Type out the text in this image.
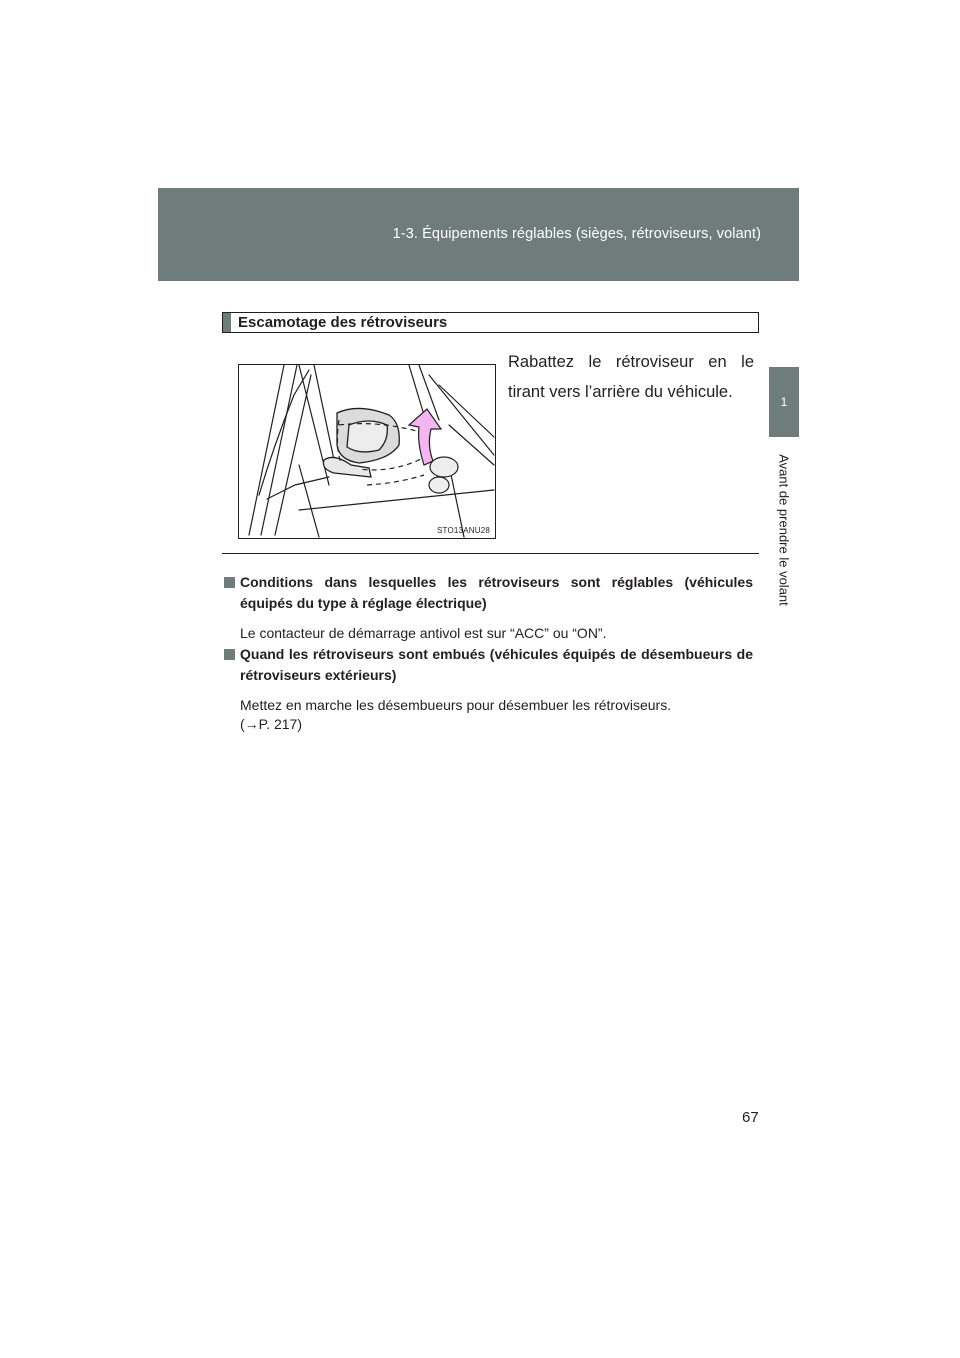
1-3. Équipements réglables (sièges, rétroviseurs, volant)
1
Avant de prendre le volant
Escamotage des rétroviseurs
STO13ANU28
Rabattez le rétroviseur en le tirant vers l’arrière du véhicule.
Conditions dans lesquelles les rétroviseurs sont réglables (véhicules équipés du type à réglage électrique)
Le contacteur de démarrage antivol est sur “ACC” ou “ON”.
Quand les rétroviseurs sont embués (véhicules équipés de désembueurs de rétroviseurs extérieurs)
Mettez en marche les désembueurs pour désembuer les rétroviseurs.
(→P. 217)
67
